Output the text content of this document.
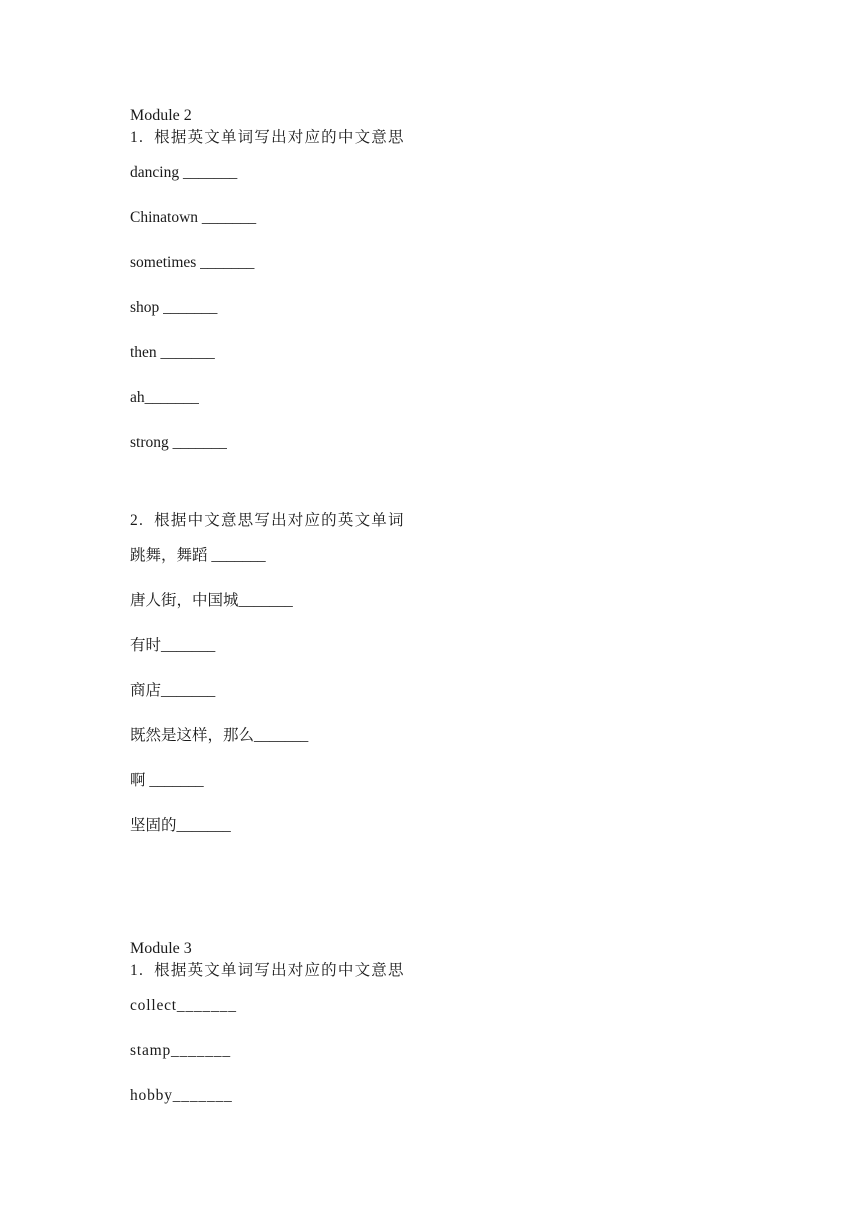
Module 2
1.  根据英文单词写出对应的中文意思
dancing _______
Chinatown _______
sometimes _______
shop _______
then _______
ah_______
strong _______
2.  根据中文意思写出对应的英文单词
跳舞，舞蹈 _______
唐人街，中国城_______
有时_______
商店_______
既然是这样，那么_______
啊 _______
坚固的_______
Module 3
1.  根据英文单词写出对应的中文意思
collect_______
stamp_______
hobby_______
